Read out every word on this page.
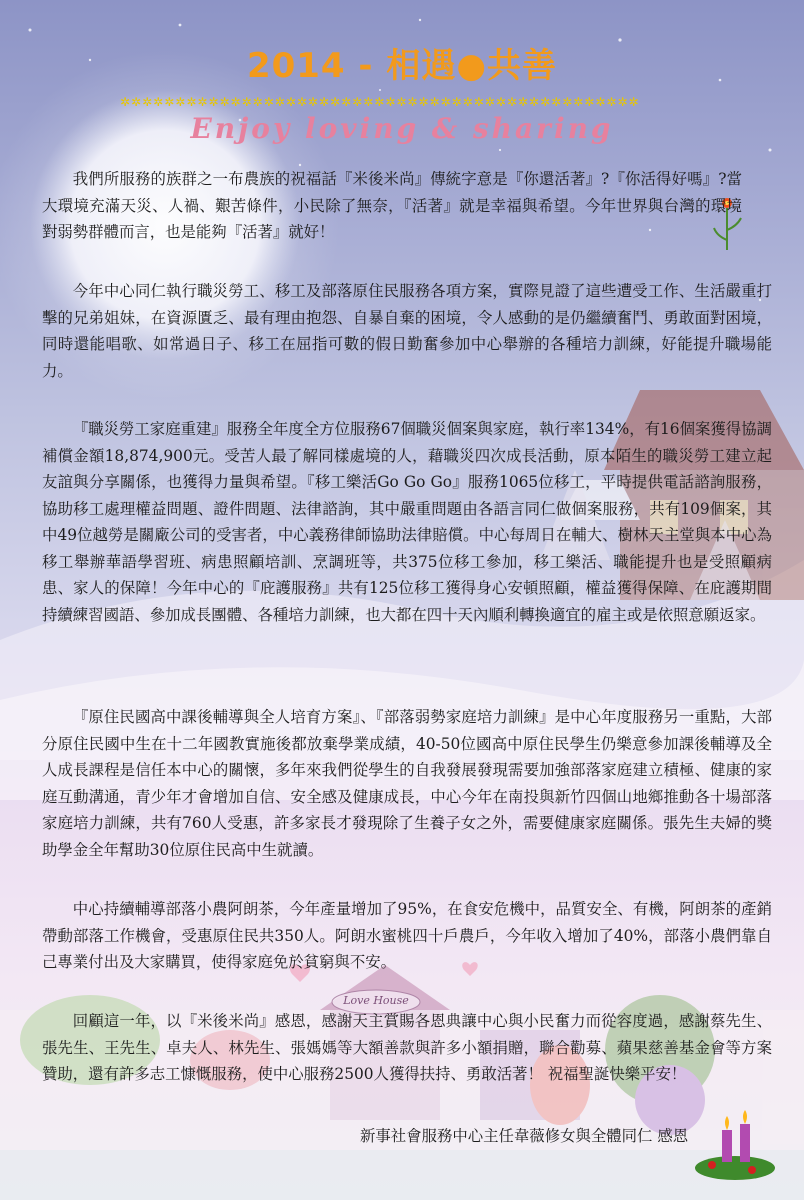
2014 - 相遇●共善
✲✲✲✲✲✲✲✲✲✲✲✲✲✲✲✲✲✲✲✲✲✲✲✲✲✲✲✲✲✲✲✲✲✲✲✲✲✲✲✲✲✲✲✲✲✲✲
Enjoy loving & sharing
我們所服務的族群之一布農族的祝福話『米後米尚』傳統字意是『你還活著』?『你活得好嗎』?當大環境充滿天災、人禍、艱苦條件，小民除了無奈，『活著』就是幸福與希望。今年世界與台灣的環境對弱勢群體而言，也是能夠『活著』就好！
今年中心同仁執行職災勞工、移工及部落原住民服務各項方案，實際見證了這些遭受工作、生活嚴重打擊的兄弟姐妹，在資源匱乏、最有理由抱怨、自暴自棄的困境，令人感動的是仍繼續奮鬥、勇敢面對困境，同時還能唱歌、如常過日子、移工在屈指可數的假日勤奮參加中心舉辦的各種培力訓練，好能提升職場能力。
『職災勞工家庭重建』服務全年度全方位服務67個職災個案與家庭，執行率134%，有16個案獲得協調補償金額18,874,900元。受苦人最了解同樣處境的人，藉職災四次成長活動，原本陌生的職災勞工建立起友誼與分享關係，也獲得力量與希望。『移工樂活Go Go Go』服務1065位移工，平時提供電話諮詢服務，協助移工處理權益問題、證件問題、法律諮詢，其中嚴重問題由各語言同仁做個案服務，共有109個案，其中49位越勞是關廠公司的受害者，中心義務律師協助法律賠償。中心每周日在輔大、樹林天主堂與本中心為移工舉辦華語學習班、病患照顧培訓、烹調班等，共375位移工參加，移工樂活、職能提升也是受照顧病患、家人的保障！今年中心的『庇護服務』共有125位移工獲得身心安頓照顧，權益獲得保障、在庇護期間持續練習國語、參加成長團體、各種培力訓練，也大都在四十天內順利轉換適宜的雇主或是依照意願返家。
『原住民國高中課後輔導與全人培育方案』、『部落弱勢家庭培力訓練』是中心年度服務另一重點，大部分原住民國中生在十二年國教實施後都放棄學業成績，40-50位國高中原住民學生仍樂意參加課後輔導及全人成長課程是信任本中心的關懷，多年來我們從學生的自我發展發現需要加強部落家庭建立積極、健康的家庭互動溝通，青少年才會增加自信、安全感及健康成長，中心今年在南投與新竹四個山地鄉推動各十場部落家庭培力訓練，共有760人受惠，許多家長才發現除了生養子女之外，需要健康家庭關係。張先生夫婦的獎助學金全年幫助30位原住民高中生就讀。
中心持續輔導部落小農阿朗茶，今年產量增加了95%，在食安危機中，品質安全、有機，阿朗茶的產銷帶動部落工作機會，受惠原住民共350人。阿朗水蜜桃四十戶農戶，今年收入增加了40%，部落小農們靠自己專業付出及大家購買，使得家庭免於貧窮與不安。
回顧這一年，以『米後米尚』感恩，感謝天主賞賜各恩典讓中心與小民奮力而從容度過，感謝蔡先生、張先生、王先生、卓夫人、林先生、張媽媽等大額善款與許多小額捐贈，聯合勸募、蘋果慈善基金會等方案贊助，還有許多志工慷慨服務，使中心服務2500人獲得扶持、勇敢活著！ 祝福聖誕快樂平安！
新事社會服務中心主任韋薇修女與全體同仁 感恩
Love House
